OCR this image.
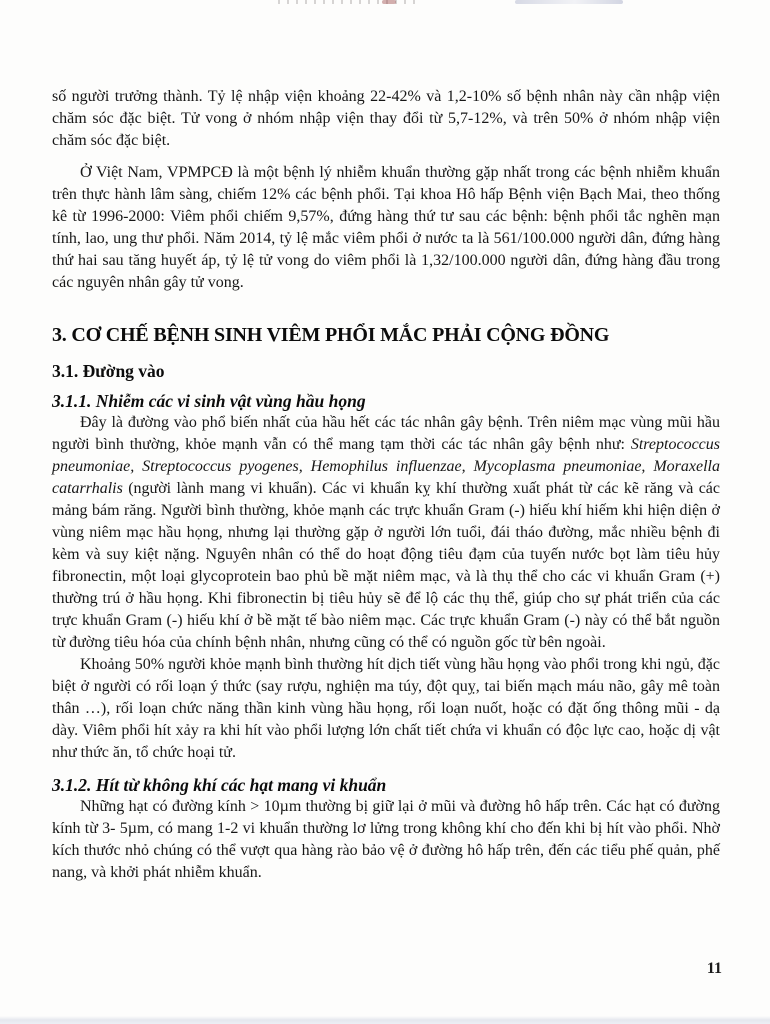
số người trưởng thành. Tỷ lệ nhập viện khoảng 22-42% và 1,2-10% số bệnh nhân này cần nhập viện chăm sóc đặc biệt. Tử vong ở nhóm nhập viện thay đổi từ 5,7-12%, và trên 50% ở nhóm nhập viện chăm sóc đặc biệt.

Ở Việt Nam, VPMPCĐ là một bệnh lý nhiễm khuẩn thường gặp nhất trong các bệnh nhiễm khuẩn trên thực hành lâm sàng, chiếm 12% các bệnh phổi. Tại khoa Hô hấp Bệnh viện Bạch Mai, theo thống kê từ 1996-2000: Viêm phổi chiếm 9,57%, đứng hàng thứ tư sau các bệnh: bệnh phổi tắc nghẽn mạn tính, lao, ung thư phổi. Năm 2014, tỷ lệ mắc viêm phổi ở nước ta là 561/100.000 người dân, đứng hàng thứ hai sau tăng huyết áp, tỷ lệ tử vong do viêm phổi là 1,32/100.000 người dân, đứng hàng đầu trong các nguyên nhân gây tử vong.

3. CƠ CHẾ BỆNH SINH VIÊM PHỔI MẮC PHẢI CỘNG ĐỒNG
3.1. Đường vào
3.1.1. Nhiễm các vi sinh vật vùng hầu họng

Đây là đường vào phổ biến nhất của hầu hết các tác nhân gây bệnh. Trên niêm mạc vùng mũi hầu người bình thường, khỏe mạnh vẫn có thể mang tạm thời các tác nhân gây bệnh như: Streptococcus pneumoniae, Streptococcus pyogenes, Hemophilus influenzae, Mycoplasma pneumoniae, Moraxella catarrhalis (người lành mang vi khuẩn). Các vi khuẩn kỵ khí thường xuất phát từ các kẽ răng và các mảng bám răng. Người bình thường, khỏe mạnh các trực khuẩn Gram (-) hiếu khí hiếm khi hiện diện ở vùng niêm mạc hầu họng, nhưng lại thường gặp ở người lớn tuổi, đái tháo đường, mắc nhiều bệnh đi kèm và suy kiệt nặng. Nguyên nhân có thể do hoạt động tiêu đạm của tuyến nước bọt làm tiêu hủy fibronectin, một loại glycoprotein bao phủ bề mặt niêm mạc, và là thụ thể cho các vi khuẩn Gram (+) thường trú ở hầu họng. Khi fibronectin bị tiêu hủy sẽ để lộ các thụ thể, giúp cho sự phát triển của các trực khuẩn Gram (-) hiếu khí ở bề mặt tế bào niêm mạc. Các trực khuẩn Gram (-) này có thể bắt nguồn từ đường tiêu hóa của chính bệnh nhân, nhưng cũng có thể có nguồn gốc từ bên ngoài.

Khoảng 50% người khỏe mạnh bình thường hít dịch tiết vùng hầu họng vào phổi trong khi ngủ, đặc biệt ở người có rối loạn ý thức (say rượu, nghiện ma túy, đột quỵ, tai biến mạch máu não, gây mê toàn thân …), rối loạn chức năng thần kinh vùng hầu họng, rối loạn nuốt, hoặc có đặt ống thông mũi - dạ dày. Viêm phổi hít xảy ra khi hít vào phổi lượng lớn chất tiết chứa vi khuẩn có độc lực cao, hoặc dị vật như thức ăn, tổ chức hoại tử.

3.1.2. Hít từ không khí các hạt mang vi khuẩn

Những hạt có đường kính > 10µm thường bị giữ lại ở mũi và đường hô hấp trên. Các hạt có đường kính từ 3- 5µm, có mang 1-2 vi khuẩn thường lơ lửng trong không khí cho đến khi bị hít vào phổi. Nhờ kích thước nhỏ chúng có thể vượt qua hàng rào bảo vệ ở đường hô hấp trên, đến các tiểu phế quản, phế nang, và khởi phát nhiễm khuẩn.

11
